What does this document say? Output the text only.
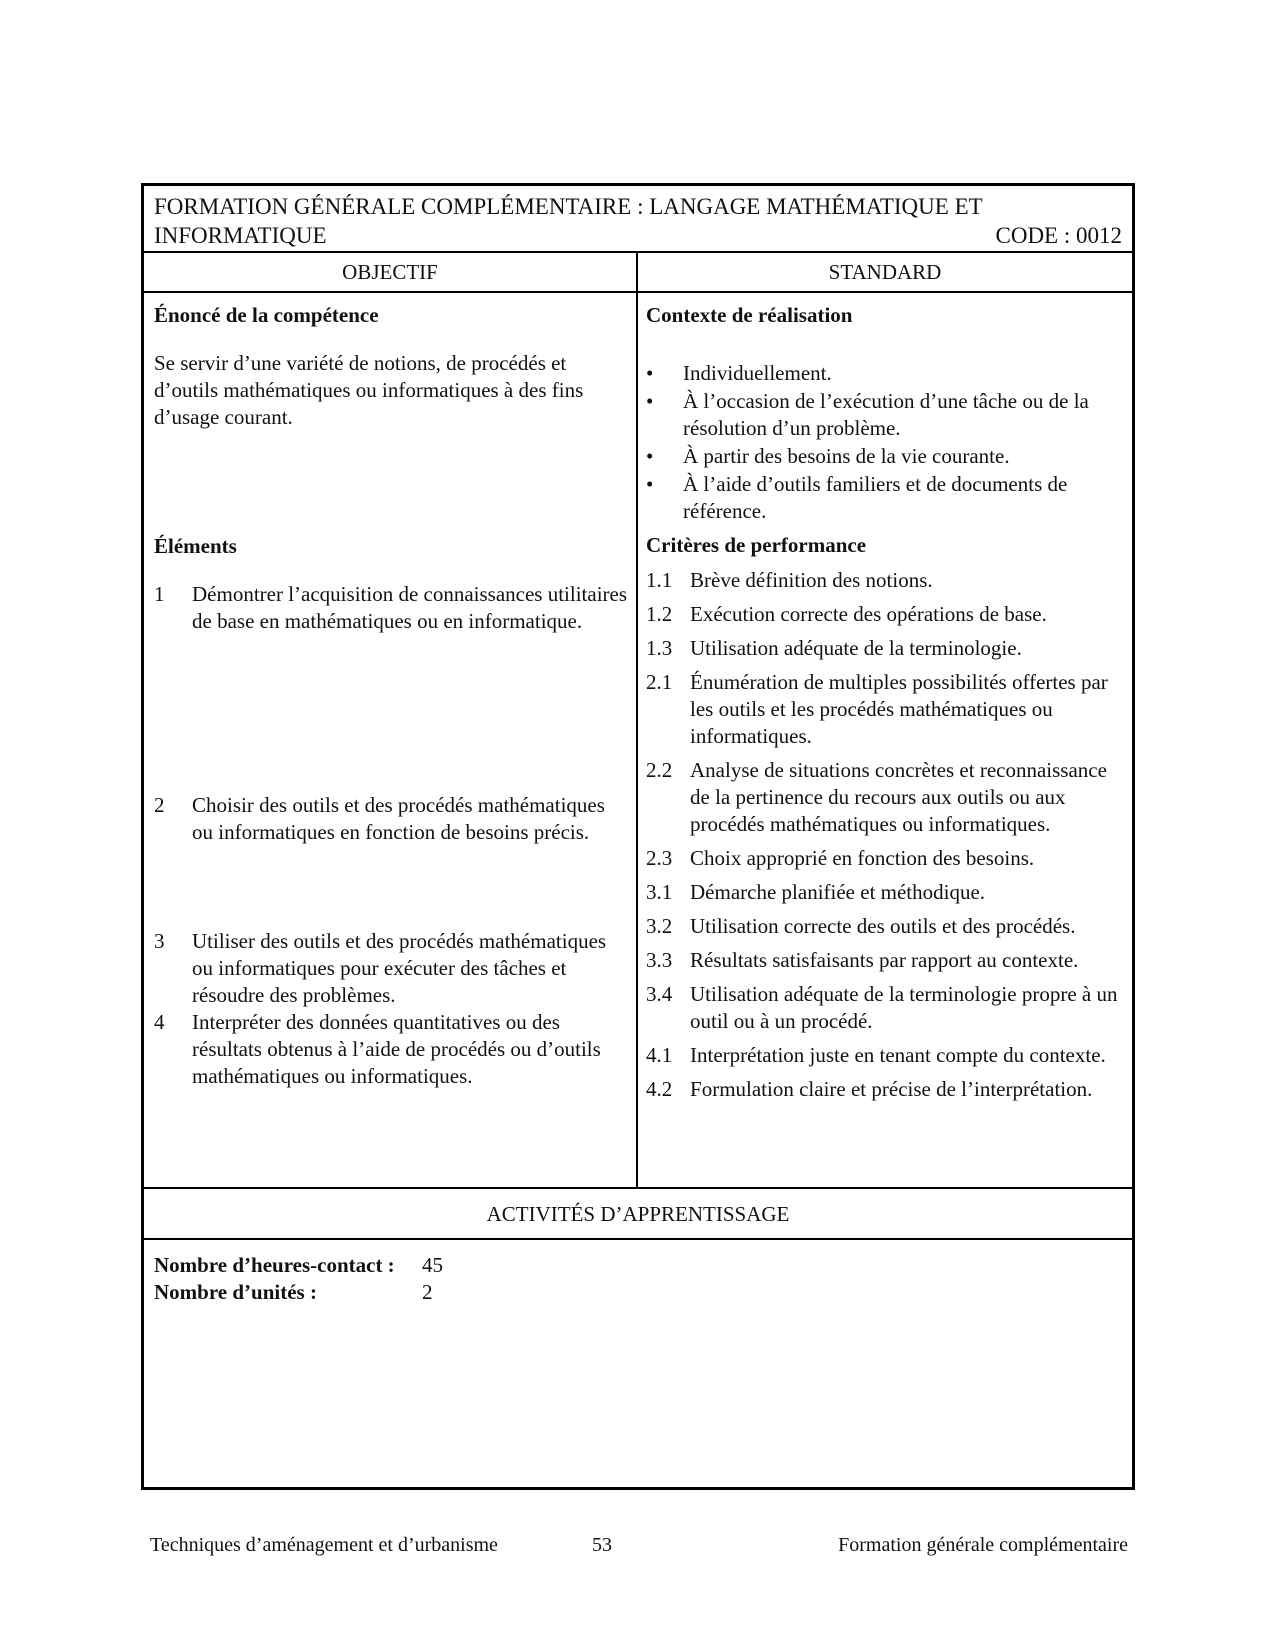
FORMATION GÉNÉRALE COMPLÉMENTAIRE : LANGAGE MATHÉMATIQUE ET
INFORMATIQUE	CODE : 0012
OBJECTIF	STANDARD
Énoncé de la compétence

Se servir d’une variété de notions, de procédés et d’outils mathématiques ou informatiques à des fins d’usage courant.

Éléments
1	Démontrer l’acquisition de connaissances utilitaires de base en mathématiques ou en informatique.
2	Choisir des outils et des procédés mathématiques ou informatiques en fonction de besoins précis.
3	Utiliser des outils et des procédés mathématiques ou informatiques pour exécuter des tâches et résoudre des problèmes.
4	Interpréter des données quantitatives ou des résultats obtenus à l’aide de procédés ou d’outils mathématiques ou informatiques.
Contexte de réalisation
•	Individuellement.
•	À l’occasion de l’exécution d’une tâche ou de la résolution d’un problème.
•	À partir des besoins de la vie courante.
•	À l’aide d’outils familiers et de documents de référence.
Critères de performance
1.1 Brève définition des notions.
1.2 Exécution correcte des opérations de base.
1.3 Utilisation adéquate de la terminologie.
2.1 Énumération de multiples possibilités offertes par les outils et les procédés mathématiques ou informatiques.
2.2 Analyse de situations concrètes et reconnaissance de la pertinence du recours aux outils ou aux procédés mathématiques ou informatiques.
2.3 Choix approprié en fonction des besoins.
3.1 Démarche planifiée et méthodique.
3.2 Utilisation correcte des outils et des procédés.
3.3 Résultats satisfaisants par rapport au contexte.
3.4 Utilisation adéquate de la terminologie propre à un outil ou à un procédé.
4.1 Interprétation juste en tenant compte du contexte.
4.2 Formulation claire et précise de l’interprétation.
ACTIVITÉS D’APPRENTISSAGE
Nombre d’heures-contact :	45
Nombre d’unités :	2
Techniques d’aménagement et d’urbanisme	53	Formation générale complémentaire
